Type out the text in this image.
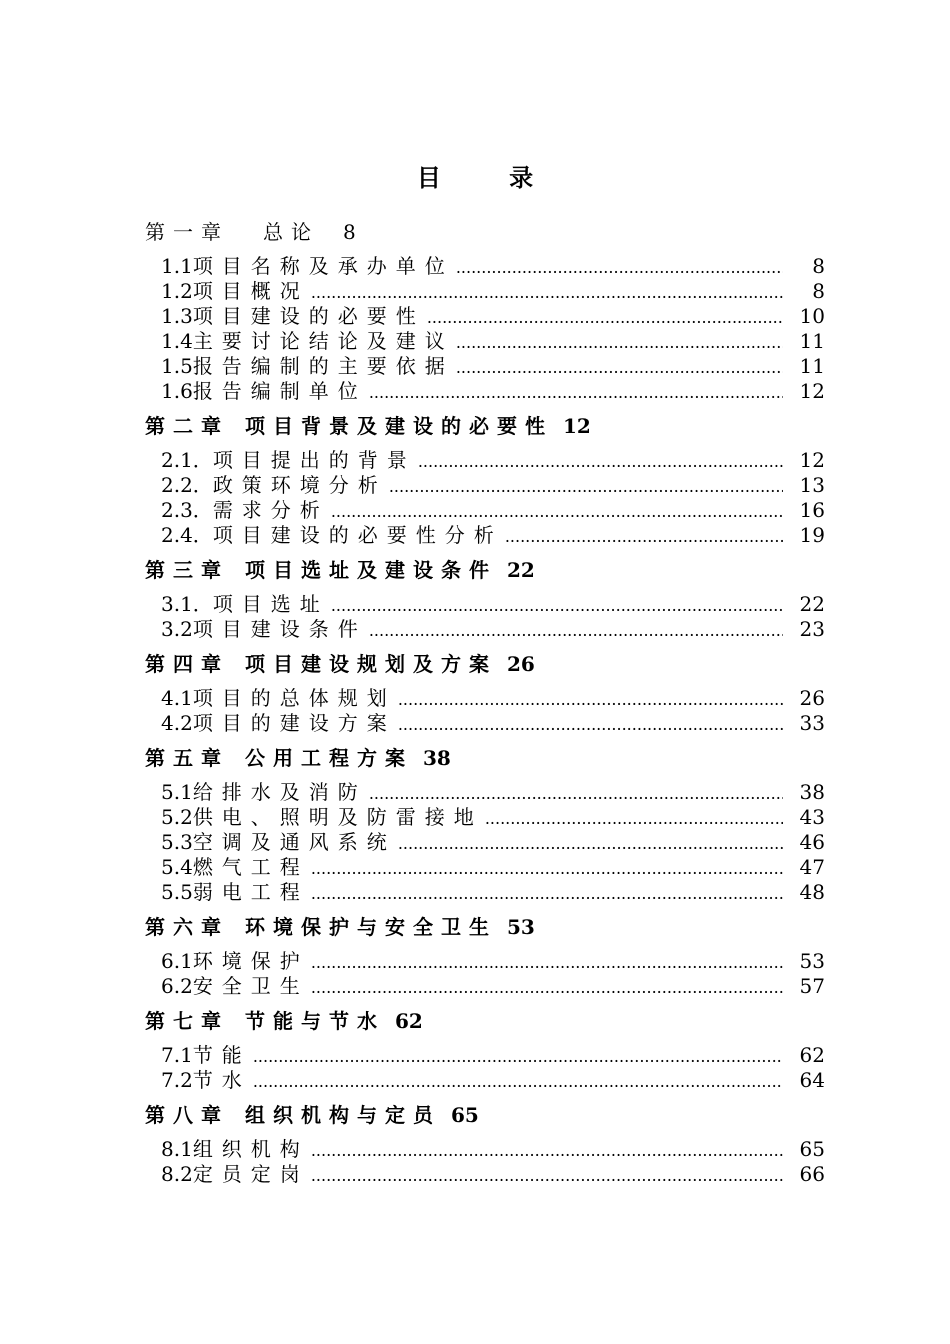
目 录
第一章 总论 8
1.1 项目名称及承办单位 .....	8
1.2 项目概况 .....	8
1.3 项目建设的必要性 .....	10
1.4 主要讨论结论及建议 .....	11
1.5 报告编制的主要依据 .....	11
1.6 报告编制单位 .....	12
第二章 项目背景及建设的必要性 12
2.1． 项目提出的背景 .....	12
2.2． 政策环境分析 .....	13
2.3． 需求分析 .....	16
2.4． 项目建设的必要性分析 .....	19
第三章 项目选址及建设条件 22
3.1． 项目选址 .....	22
3.2 项目建设条件 .....	23
第四章 项目建设规划及方案 26
4.1 项目的总体规划 .....	26
4.2 项目的建设方案 .....	33
第五章 公用工程方案 38
5.1 给排水及消防 .....	38
5.2 供电、照明及防雷接地 .....	43
5.3 空调及通风系统 .....	46
5.4 燃气工程 .....	47
5.5 弱电工程 .....	48
第六章 环境保护与安全卫生 53
6.1 环境保护 .....	53
6.2 安全卫生 .....	57
第七章 节能与节水 62
7.1 节能 .....	62
7.2 节水 .....	64
第八章 组织机构与定员 65
8.1 组织机构 .....	65
8.2 定员定岗 .....	66
